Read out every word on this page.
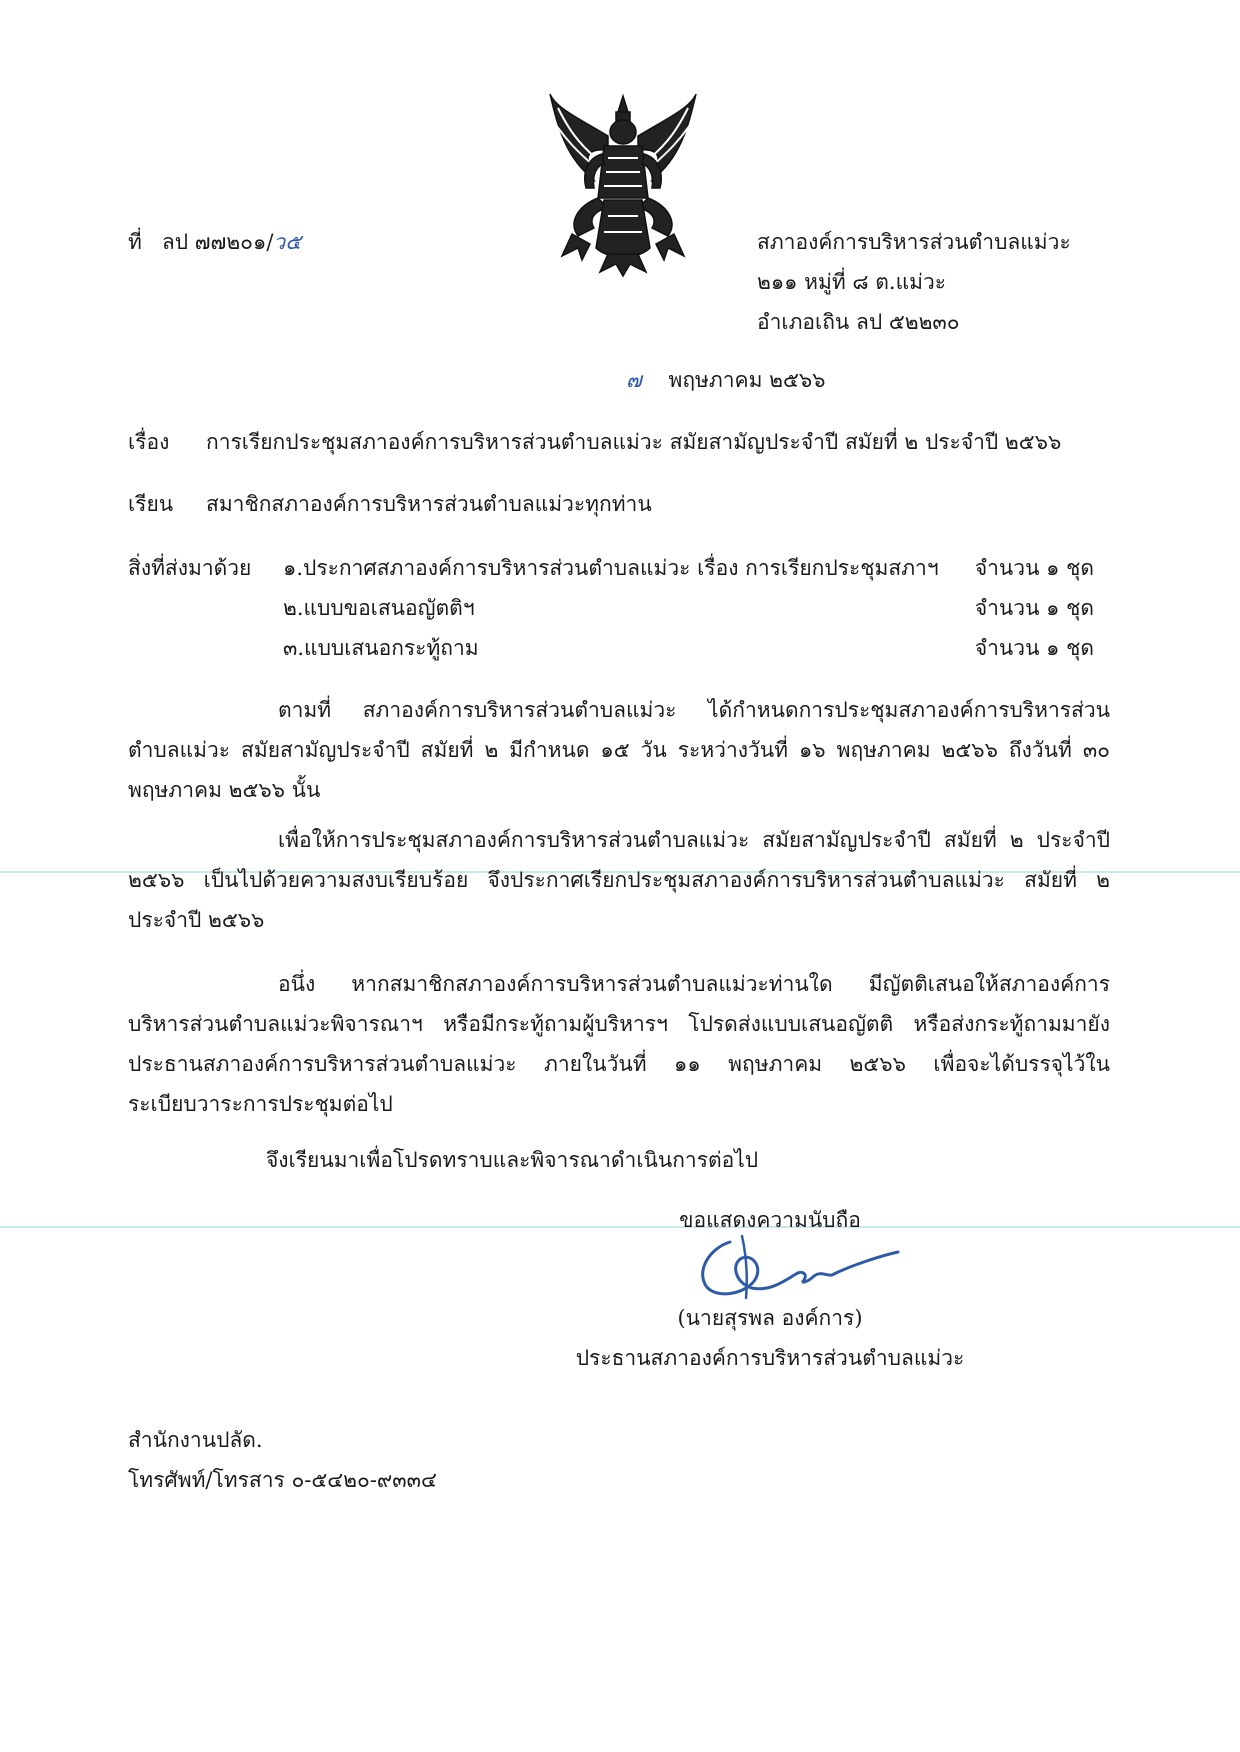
ที่ ลป ๗๗๒๐๑/ว๕	สภาองค์การบริหารส่วนตำบลแม่วะ
๒๑๑ หมู่ที่ ๘ ต.แม่วะ
อำเภอเถิน ลป ๕๒๒๓๐
๗ พฤษภาคม ๒๕๖๖
เรื่อง การเรียกประชุมสภาองค์การบริหารส่วนตำบลแม่วะ สมัยสามัญประจำปี สมัยที่ ๒ ประจำปี ๒๕๖๖
เรียน สมาชิกสภาองค์การบริหารส่วนตำบลแม่วะทุกท่าน
สิ่งที่ส่งมาด้วย ๑.ประกาศสภาองค์การบริหารส่วนตำบลแม่วะ เรื่อง การเรียกประชุมสภาฯ จำนวน ๑ ชุด
๒.แบบขอเสนอญัตติฯ	จำนวน ๑ ชุด
๓.แบบเสนอกระทู้ถาม	จำนวน ๑ ชุด
ตามที่ สภาองค์การบริหารส่วนตำบลแม่วะ ได้กำหนดการประชุมสภาองค์การบริหารส่วนตำบลแม่วะ สมัยสามัญประจำปี สมัยที่ ๒ มีกำหนด ๑๕ วัน ระหว่างวันที่ ๑๖ พฤษภาคม ๒๕๖๖ ถึงวันที่ ๓๐ พฤษภาคม ๒๕๖๖ นั้น
เพื่อให้การประชุมสภาองค์การบริหารส่วนตำบลแม่วะ สมัยสามัญประจำปี สมัยที่ ๒ ประจำปี ๒๕๖๖ เป็นไปด้วยความสงบเรียบร้อย จึงประกาศเรียกประชุมสภาองค์การบริหารส่วนตำบลแม่วะ สมัยที่ ๒ ประจำปี ๒๕๖๖
อนึ่ง หากสมาชิกสภาองค์การบริหารส่วนตำบลแม่วะท่านใด มีญัตติเสนอให้สภาองค์การบริหารส่วนตำบลแม่วะพิจารณาฯ หรือมีกระทู้ถามผู้บริหารฯ โปรดส่งแบบเสนอญัตติ หรือส่งกระทู้ถามมายังประธานสภาองค์การบริหารส่วนตำบลแม่วะ ภายในวันที่ ๑๑ พฤษภาคม ๒๕๖๖ เพื่อจะได้บรรจุไว้ในระเบียบวาระการประชุมต่อไป
จึงเรียนมาเพื่อโปรดทราบและพิจารณาดำเนินการต่อไป
ขอแสดงความนับถือ
(นายสุรพล องค์การ)
ประธานสภาองค์การบริหารส่วนตำบลแม่วะ
สำนักงานปลัด.
โทรศัพท์/โทรสาร ๐-๕๔๒๐-๙๓๓๔
